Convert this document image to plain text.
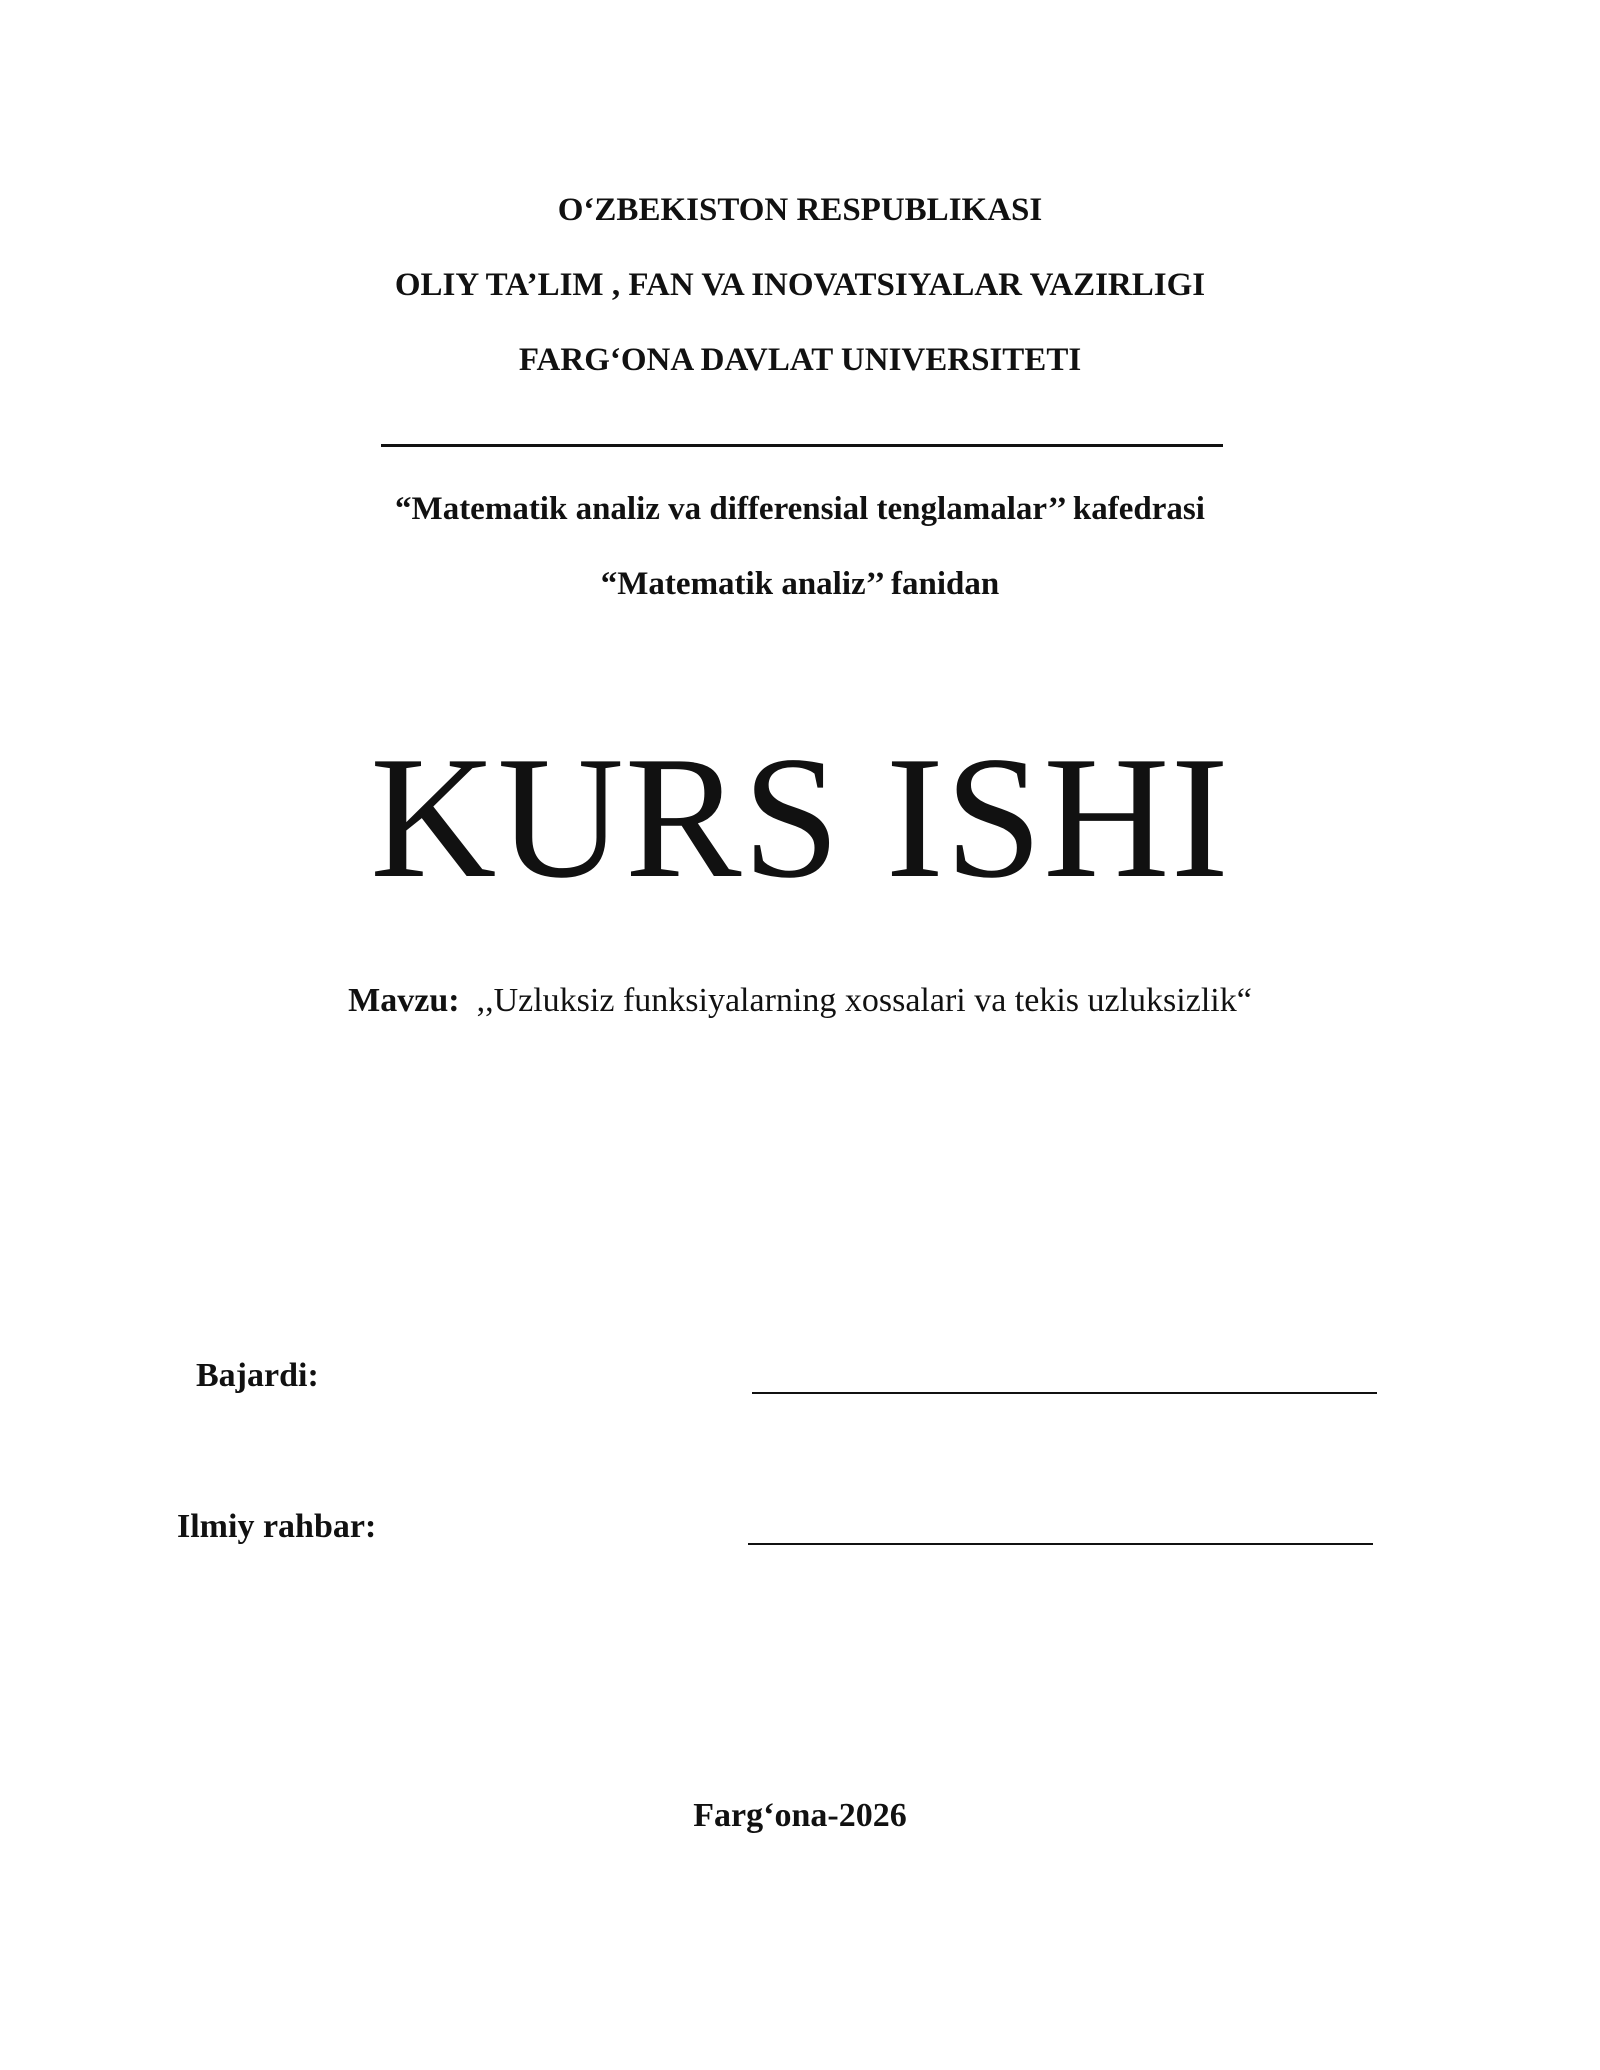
O‘ZBEKISTON RESPUBLIKASI
OLIY TA’LIM , FAN VA INOVATSIYALAR VAZIRLIGI
FARG‘ONA DAVLAT UNIVERSITETI
“Matematik analiz va differensial tenglamalar’’ kafedrasi
“Matematik analiz’’ fanidan
KURS ISHI
Mavzu: ,,Uzluksiz funksiyalarning xossalari va tekis uzluksizlik“
Bajardi:
Ilmiy rahbar:
Farg‘ona-2026
